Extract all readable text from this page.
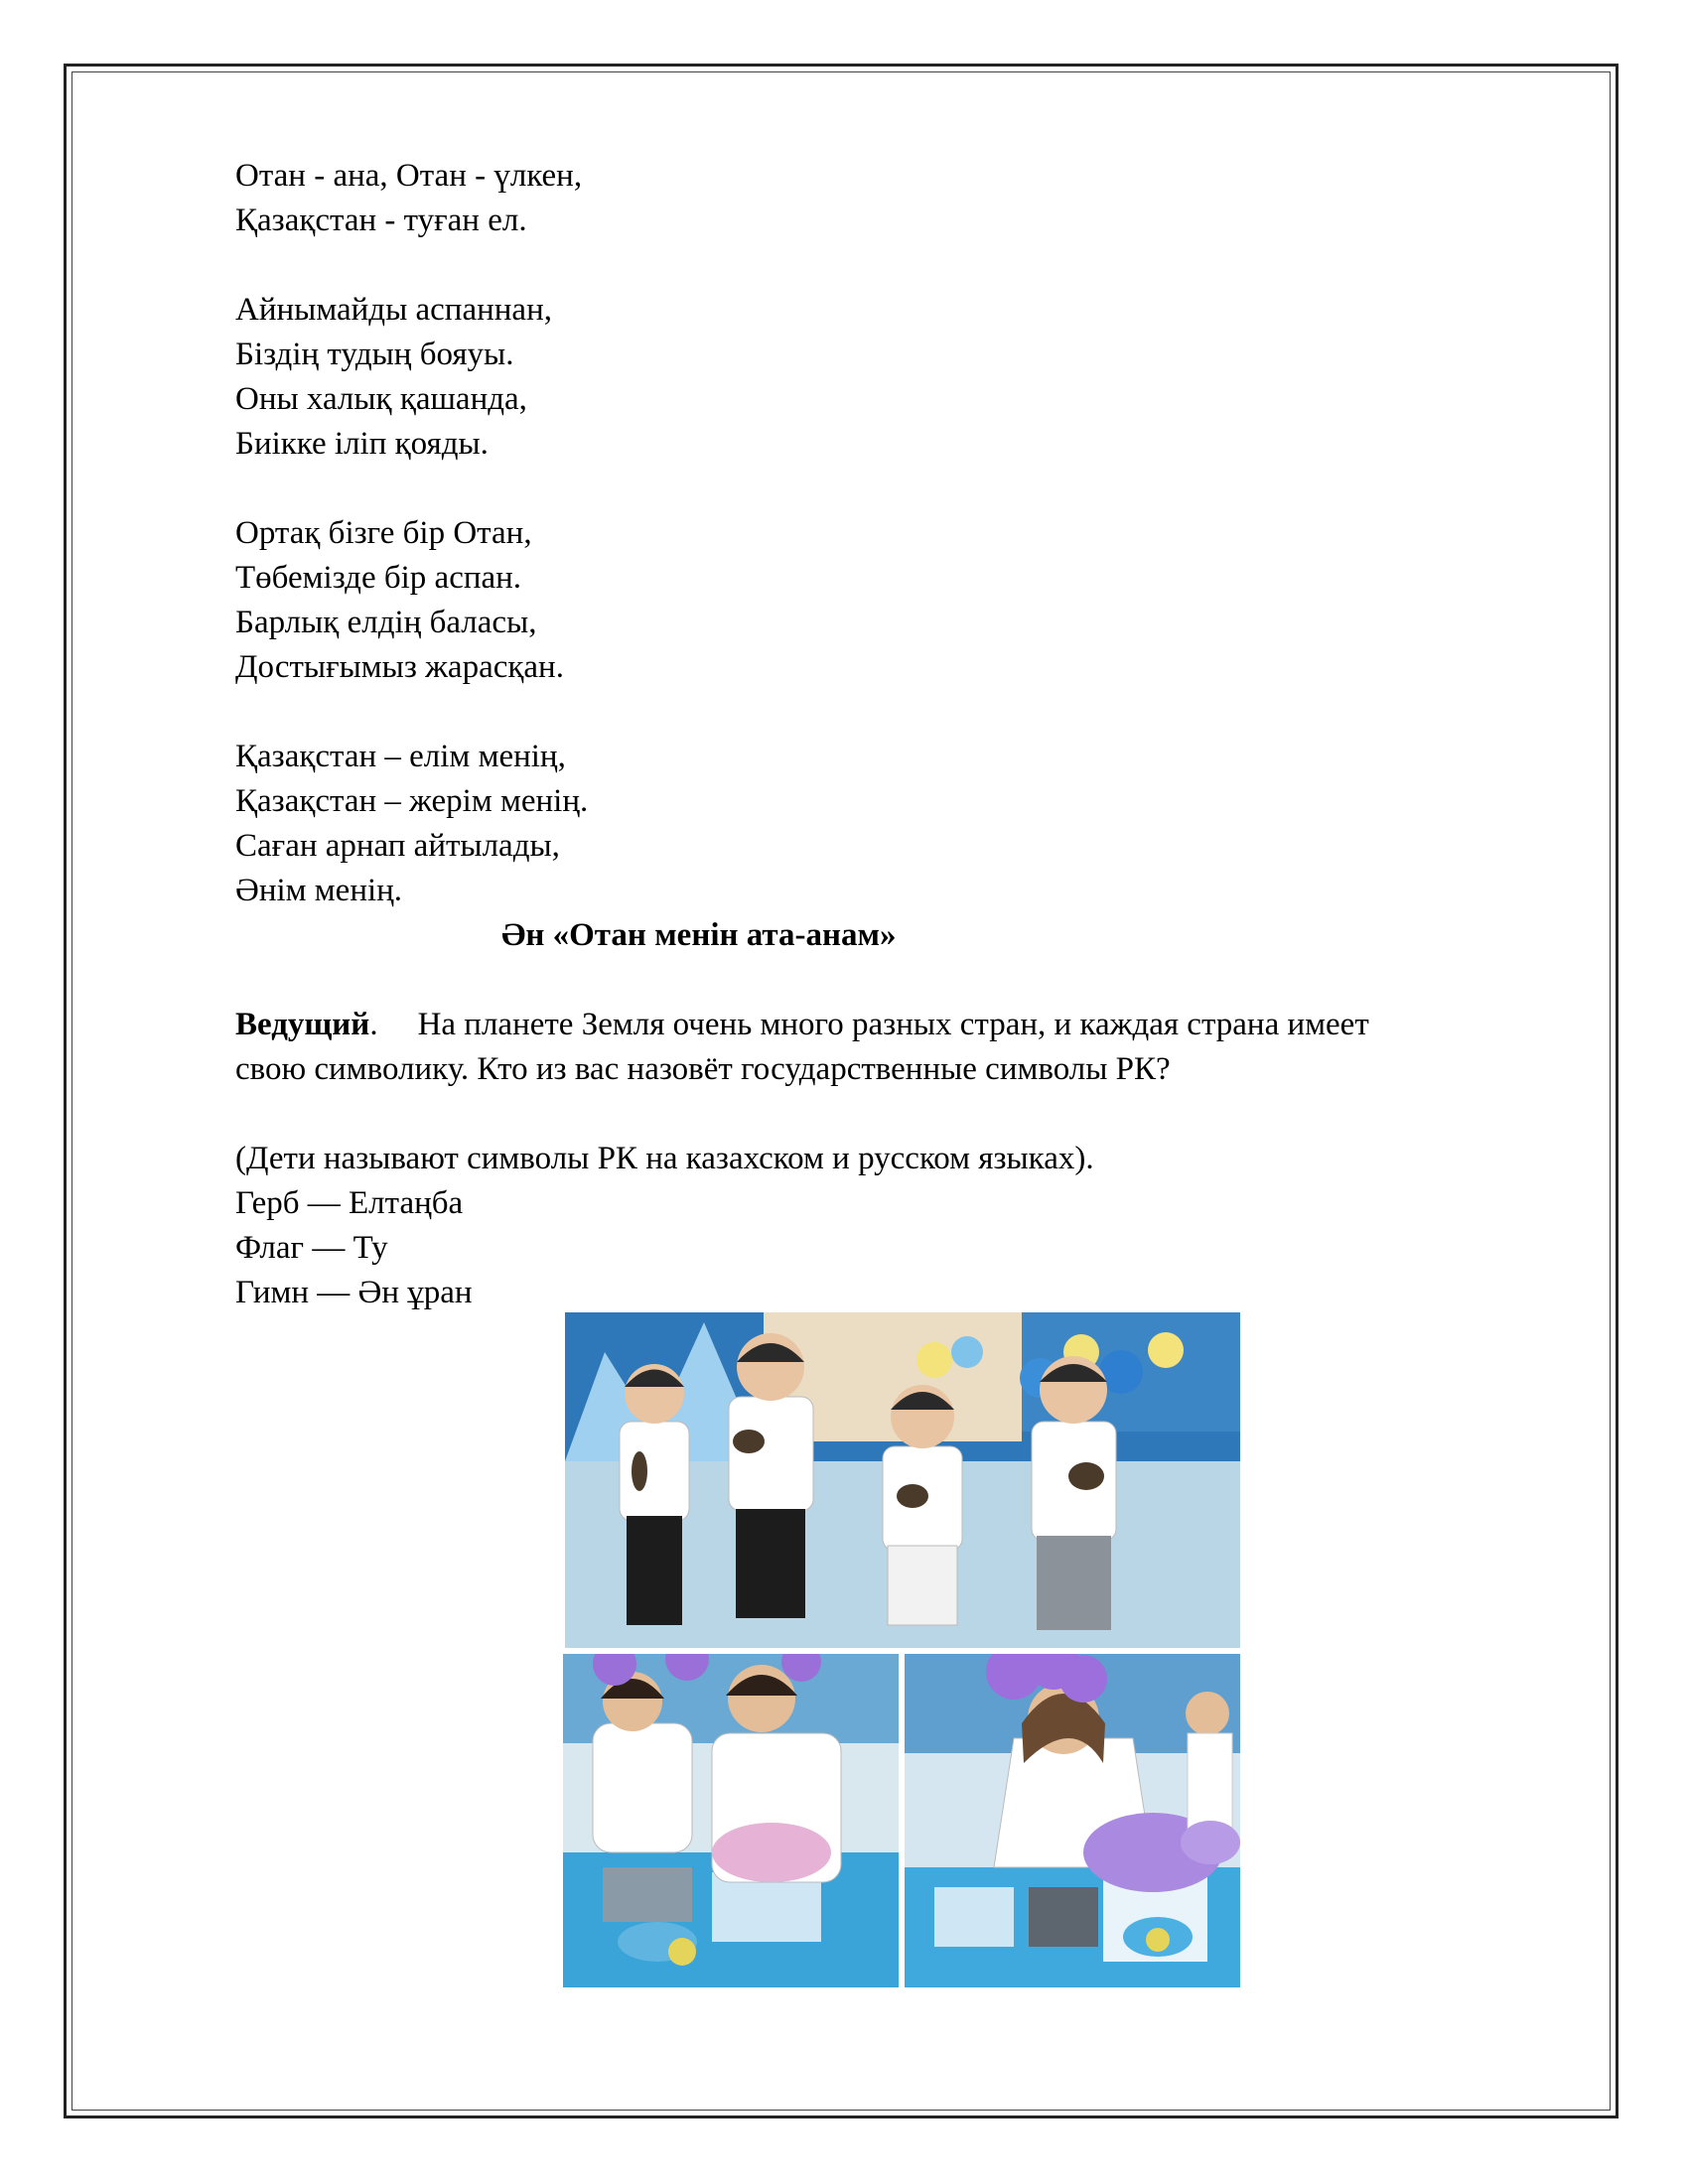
Отан - ана, Отан - үлкен,
Қазақстан - туған ел.
Айнымайды аспаннан,
Біздің тудың бояуы.
Оны халық қашанда,
Биікке іліп қояды.
Ортақ бізге бір Отан,
Төбемізде бір аспан.
Барлық елдің баласы,
Достығымыз жарасқан.
Қазақстан – елім менің,
Қазақстан – жерім менің.
Саған арнап айтылады,
Әнім менің.
Ән «Отан менін ата-анам»
Ведущий. На планете Земля очень много разных стран, и каждая страна имеет
свою символику. Кто из вас назовёт государственные символы РК?
(Дети называют символы РК на казахском и русском языках).
Герб — Елтаңба
Флаг — Ту
Гимн — Ән ұран
